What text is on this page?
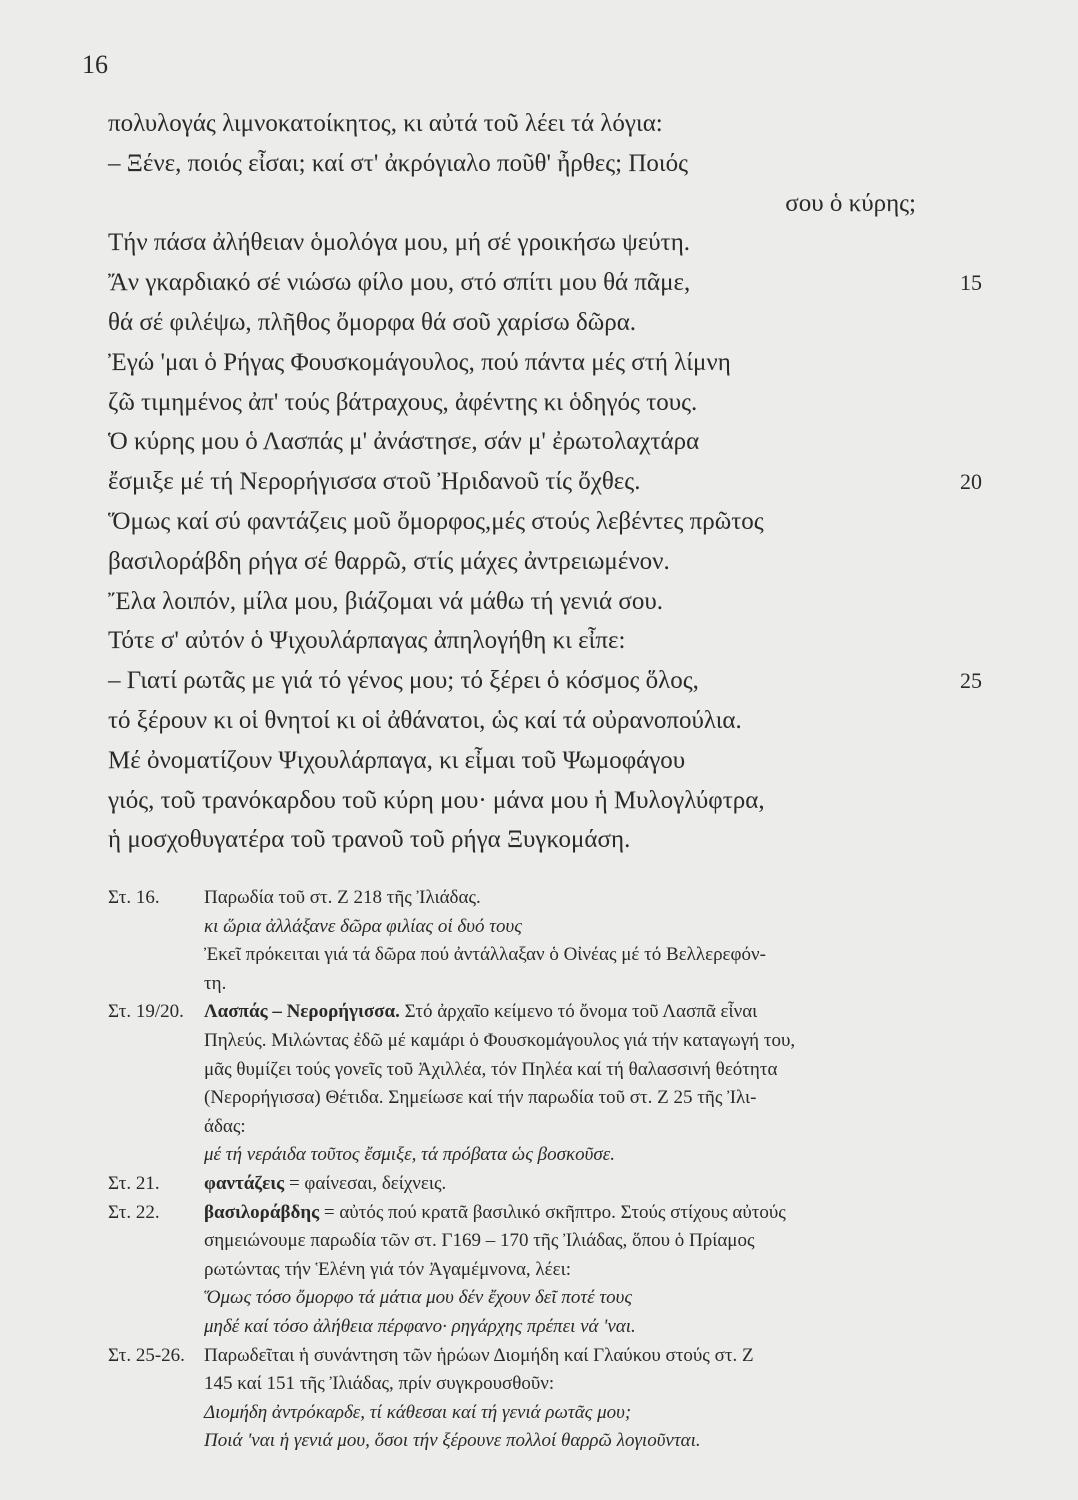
16
πολυλογάς λιμνοκατοίκητος, κι αὐτά τοῦ λέει τά λόγια:
– Ξένε, ποιός εἶσαι; καί στ' ἀκρόγιαλο ποῦθ' ἦρθες; Ποιός
σου ὁ κύρης;
Τήν πάσα ἀλήθειαν ὁμολόγα μου, μή σέ γροικήσω ψεύτη.
Ἄν γκαρδιακό σέ νιώσω φίλο μου, στό σπίτι μου θά πᾶμε,	15
θά σέ φιλέψω, πλῆθος ὄμορφα θά σοῦ χαρίσω δῶρα.
Ἐγώ 'μαι ὁ Ρήγας Φουσκομάγουλος, πού πάντα μές στή λίμνη
ζῶ τιμημένος ἀπ' τούς βάτραχους, ἀφέντης κι ὁδηγός τους.
Ὁ κύρης μου ὁ Λασπάς μ' ἀνάστησε, σάν μ' ἐρωτολαχτάρα
ἔσμιξε μέ τή Νερορήγισσα στοῦ Ἠριδανοῦ τίς ὄχθες.	20
Ὅμως καί σύ φαντάζεις μοῦ ὄμορφος,μές στούς λεβέντες πρῶτος
βασιλοράβδη ρήγα σέ θαρρῶ, στίς μάχες ἀντρειωμένον.
Ἔλα λοιπόν, μίλα μου, βιάζομαι νά μάθω τή γενιά σου.
Τότε σ' αὐτόν ὁ Ψιχουλάρπαγας ἀπηλογήθη κι εἶπε:
– Γιατί ρωτᾶς με γιά τό γένος μου; τό ξέρει ὁ κόσμος ὅλος,	25
τό ξέρουν κι οἱ θνητοί κι οἱ ἀθάνατοι, ὡς καί τά οὐρανοπούλια.
Μέ ὀνοματίζουν Ψιχουλάρπαγα, κι εἶμαι τοῦ Ψωμοφάγου
γιός, τοῦ τρανόκαρδου τοῦ κύρη μου· μάνα μου ἡ Μυλογλύφτρα,
ἡ μοσχοθυγατέρα τοῦ τρανοῦ τοῦ ρήγα Ξυγκομάση.
Στ. 16.	Παρωδία τοῦ στ. Ζ 218 τῆς Ἰλιάδας.
κι ὥρια ἀλλάξανε δῶρα φιλίας οἱ δυό τους
Ἐκεῖ πρόκειται γιά τά δῶρα πού ἀντάλλαξαν ὁ Οἰνέας μέ τό Βελλερεφόν-
τη.
Στ. 19/20.	Λασπάς – Νερορήγισσα. Στό ἀρχαῖο κείμενο τό ὄνομα τοῦ Λασπᾶ εἶναι
Πηλεύς. Μιλώντας ἐδῶ μέ καμάρι ὁ Φουσκομάγουλος γιά τήν καταγωγή του,
μᾶς θυμίζει τούς γονεῖς τοῦ Ἀχιλλέα, τόν Πηλέα καί τή θαλασσινή θεότητα
(Νερορήγισσα) Θέτιδα. Σημείωσε καί τήν παρωδία τοῦ στ. Ζ 25 τῆς Ἰλι-
άδας:
μέ τή νεράιδα τοῦτος ἔσμιξε, τά πρόβατα ὡς βοσκοῦσε.
Στ. 21.	φαντάζεις = φαίνεσαι, δείχνεις.
Στ. 22.	βασιλοράβδης = αὐτός πού κρατᾶ βασιλικό σκῆπτρο. Στούς στίχους αὐτούς
σημειώνουμε παρωδία τῶν στ. Γ169 – 170 τῆς Ἰλιάδας, ὅπου ὁ Πρίαμος
ρωτώντας τήν Ἑλένη γιά τόν Ἀγαμέμνονα, λέει:
Ὅμως τόσο ὄμορφο τά μάτια μου δέν ἔχουν δεῖ ποτέ τους
μηδέ καί τόσο ἀλήθεια πέρφανο· ρηγάρχης πρέπει νά 'ναι.
Στ. 25-26.	Παρωδεῖται ἡ συνάντηση τῶν ἡρώων Διομήδη καί Γλαύκου στούς στ. Ζ
145 καί 151 τῆς Ἰλιάδας, πρίν συγκρουσθοῦν:
Διομήδη ἀντρόκαρδε, τί κάθεσαι καί τή γενιά ρωτᾶς μου;
Ποιά 'ναι ἡ γενιά μου, ὅσοι τήν ξέρουνε πολλοί θαρρῶ λογιοῦνται.
